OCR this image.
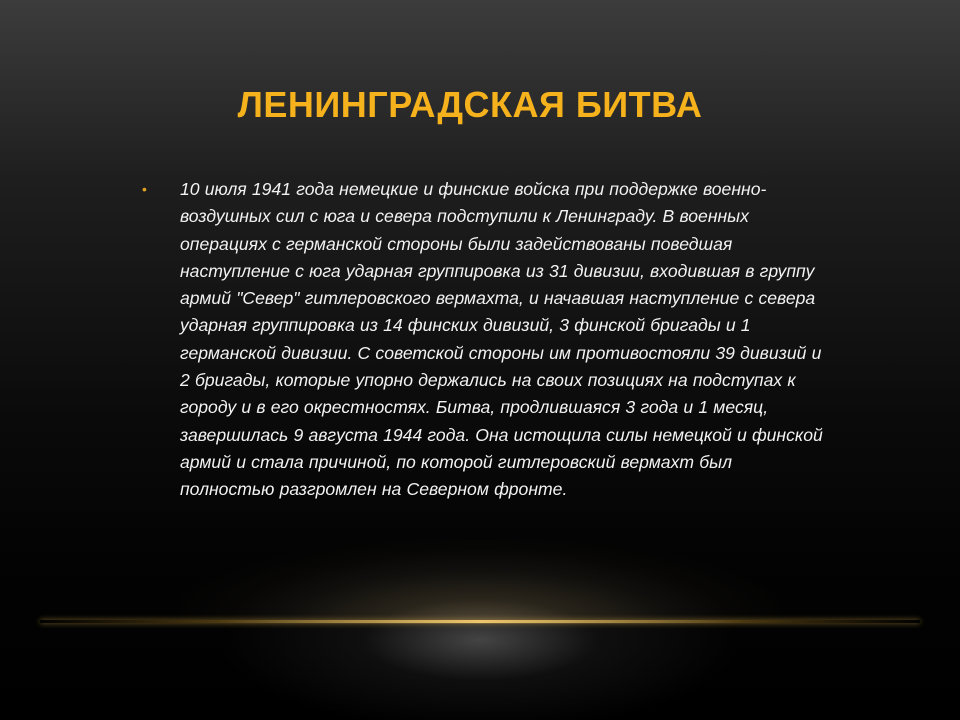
ЛЕНИНГРАДСКАЯ БИТВА
•	10 июля 1941 года немецкие и финские войска при поддержке военно-воздушных сил с юга и севера подступили к Ленинграду. В военных операциях с германской стороны были задействованы поведшая наступление с юга ударная группировка из 31 дивизии, входившая в группу армий "Север" гитлеровского вермахта, и начавшая наступление с севера ударная группировка из 14 финских дивизий, 3 финской бригады и 1 германской дивизии. С советской стороны им противостояли 39 дивизий и 2 бригады, которые упорно держались на своих позициях на подступах к городу и в его окрестностях. Битва, продлившаяся 3 года и 1 месяц, завершилась 9 августа 1944 года. Она истощила силы немецкой и финской армий и стала причиной, по которой гитлеровский вермахт был полностью разгромлен на Северном фронте.
